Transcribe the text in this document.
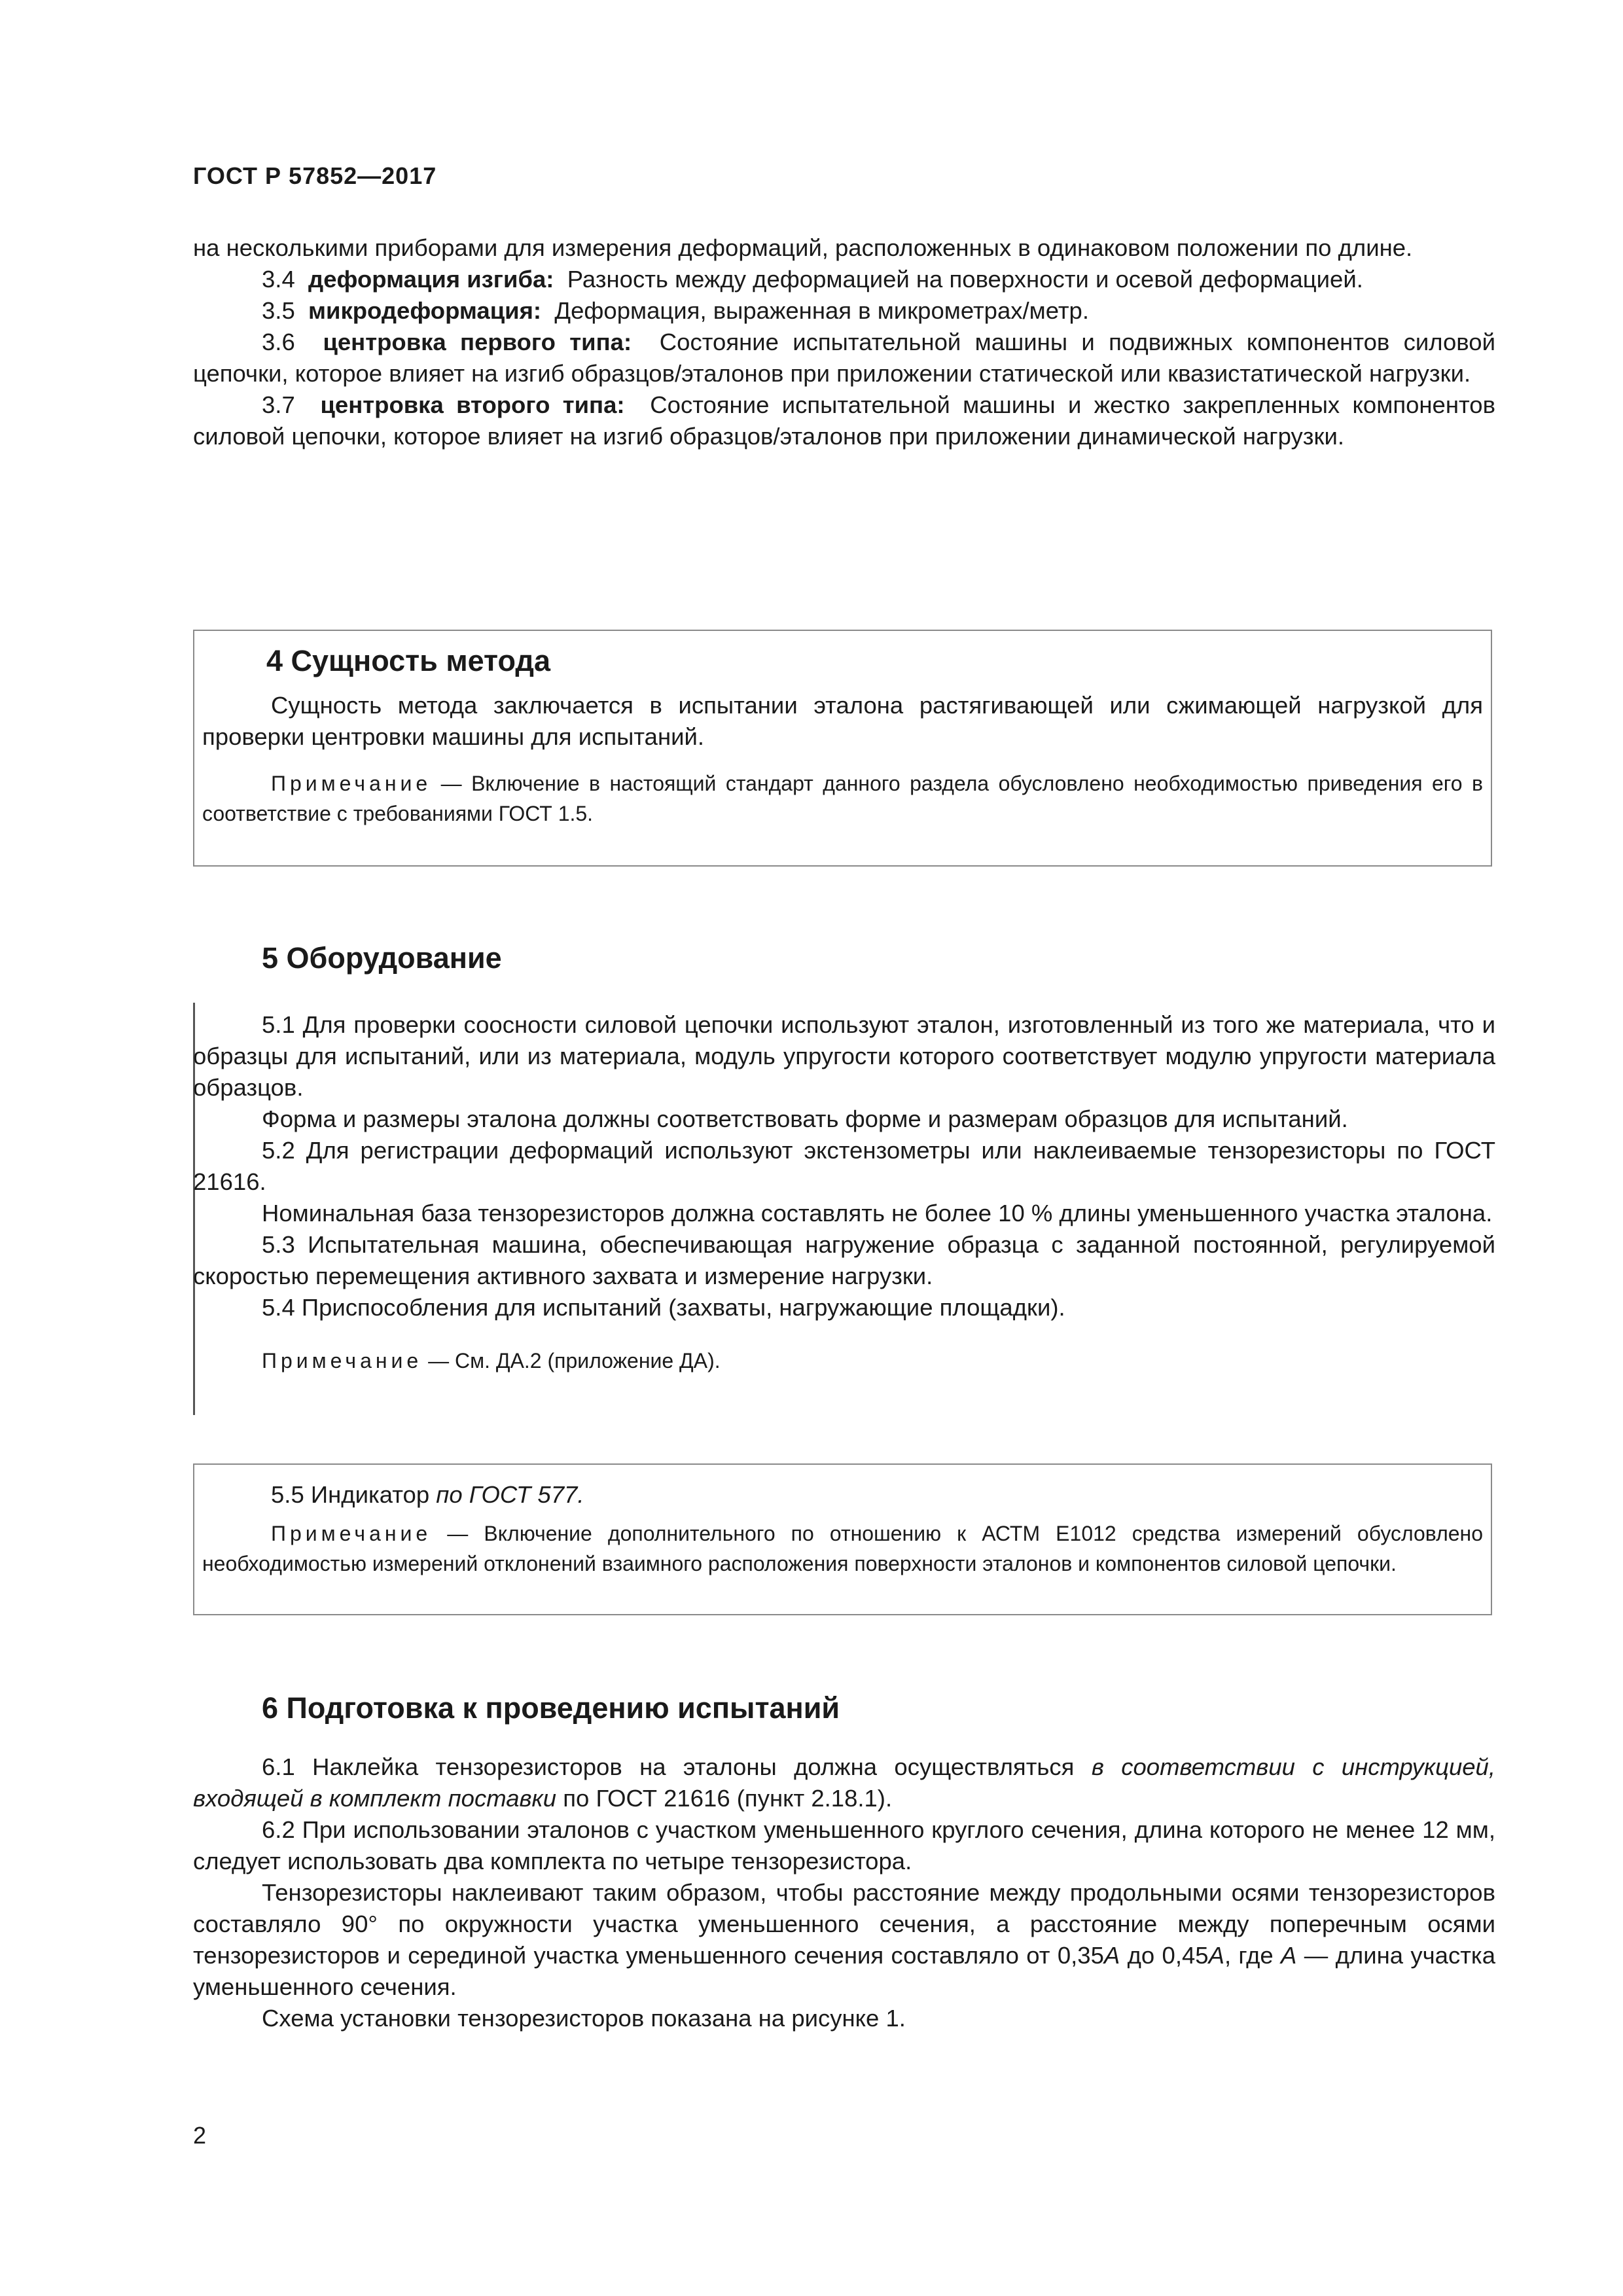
ГОСТ Р 57852—2017

на несколькими приборами для измерения деформаций, расположенных в одинаковом положении по длине.

3.4 деформация изгиба: Разность между деформацией на поверхности и осевой деформацией.

3.5 микродеформация: Деформация, выраженная в микрометрах/метр.

3.6 центровка первого типа: Состояние испытательной машины и подвижных компонентов силовой цепочки, которое влияет на изгиб образцов/эталонов при приложении статической или квазистатической нагрузки.

3.7 центровка второго типа: Состояние испытательной машины и жестко закрепленных компонентов силовой цепочки, которое влияет на изгиб образцов/эталонов при приложении динамической нагрузки.

4 Сущность метода

Сущность метода заключается в испытании эталона растягивающей или сжимающей нагрузкой для проверки центровки машины для испытаний.

Примечание — Включение в настоящий стандарт данного раздела обусловлено необходимостью приведения его в соответствие с требованиями ГОСТ 1.5.

5 Оборудование

5.1 Для проверки соосности силовой цепочки используют эталон, изготовленный из того же материала, что и образцы для испытаний, или из материала, модуль упругости которого соответствует модулю упругости материала образцов.

Форма и размеры эталона должны соответствовать форме и размерам образцов для испытаний.

5.2 Для регистрации деформаций используют экстензометры или наклеиваемые тензорезисторы по ГОСТ 21616.

Номинальная база тензорезисторов должна составлять не более 10 % длины уменьшенного участка эталона.

5.3 Испытательная машина, обеспечивающая нагружение образца с заданной постоянной, регулируемой скоростью перемещения активного захвата и измерение нагрузки.

5.4 Приспособления для испытаний (захваты, нагружающие площадки).

Примечание — См. ДА.2 (приложение ДА).

5.5 Индикатор по ГОСТ 577.

Примечание — Включение дополнительного по отношению к АСТМ Е1012 средства измерений обусловлено необходимостью измерений отклонений взаимного расположения поверхности эталонов и компонентов силовой цепочки.

6 Подготовка к проведению испытаний

6.1 Наклейка тензорезисторов на эталоны должна осуществляться в соответствии с инструкцией, входящей в комплект поставки по ГОСТ 21616 (пункт 2.18.1).

6.2 При использовании эталонов с участком уменьшенного круглого сечения, длина которого не менее 12 мм, следует использовать два комплекта по четыре тензорезистора.

Тензорезисторы наклеивают таким образом, чтобы расстояние между продольными осями тензорезисторов составляло 90° по окружности участка уменьшенного сечения, а расстояние между поперечным осями тензорезисторов и серединой участка уменьшенного сечения составляло от 0,35А до 0,45А, где А — длина участка уменьшенного сечения.

Схема установки тензорезисторов показана на рисунке 1.

2
